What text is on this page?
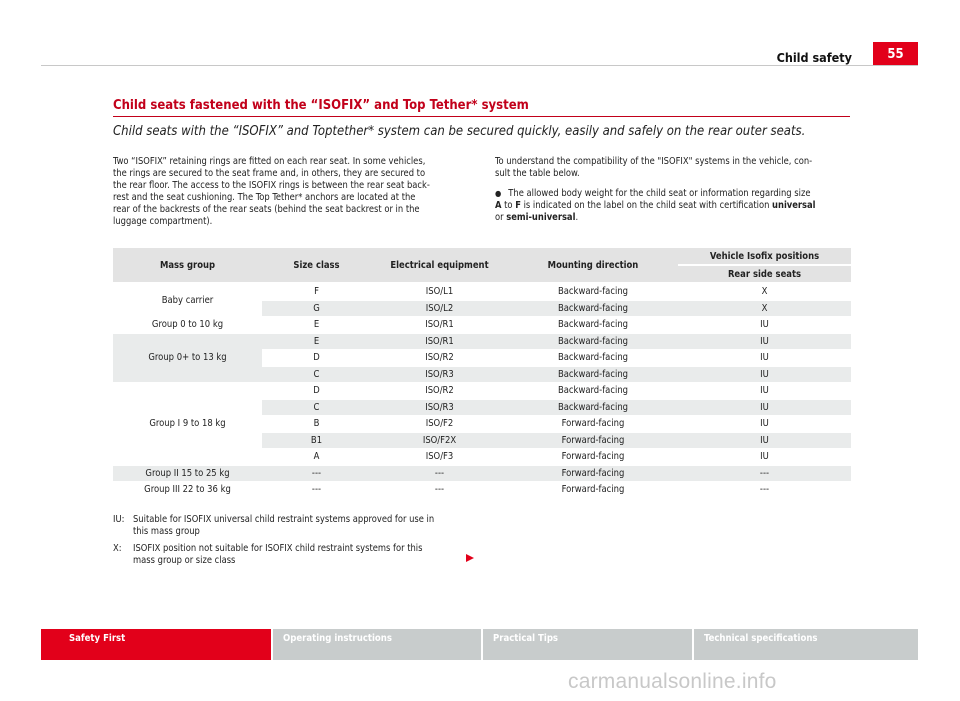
Child safety	55
Child seats fastened with the “ISOFIX” and Top Tether* system
Child seats with the “ISOFIX” and Toptether* system can be secured quickly, easily and safely on the rear outer seats.

Two “ISOFIX” retaining rings are fitted on each rear seat. In some vehicles,

the rings are secured to the seat frame and, in others, they are secured to

the rear floor. The access to the ISOFIX rings is between the rear seat back-

rest and the seat cushioning. The Top Tether* anchors are located at the

rear of the backrests of the rear seats (behind the seat backrest or in the

luggage compartment).

To understand the compatibility of the "ISOFIX" systems in the vehicle, con-

sult the table below.

● The allowed body weight for the child seat or information regarding size

A to F is indicated on the label on the child seat with certification universal

or semi-universal.

Mass group	Size class	Electrical equipment	Mounting direction	Vehicle Isofix positions
				Rear side seats
Baby carrier	F	ISO/L1	Backward-facing	X
	G	ISO/L2	Backward-facing	X
Group 0 to 10 kg	E	ISO/R1	Backward-facing	IU
Group 0+ to 13 kg	E	ISO/R1	Backward-facing	IU
	D	ISO/R2	Backward-facing	IU
	C	ISO/R3	Backward-facing	IU
Group I 9 to 18 kg	D	ISO/R2	Backward-facing	IU
	C	ISO/R3	Backward-facing	IU
	B	ISO/F2	Forward-facing	IU
	B1	ISO/F2X	Forward-facing	IU
	A	ISO/F3	Forward-facing	IU
Group II 15 to 25 kg	---	---	Forward-facing	---
Group III 22 to 36 kg	---	---	Forward-facing	---
IU: Suitable for ISOFIX universal child restraint systems approved for use in
this mass group
X: ISOFIX position not suitable for ISOFIX child restraint systems for this
mass group or size class
Safety First	Operating instructions	Practical Tips	Technical specifications
carmanualsonline.info
